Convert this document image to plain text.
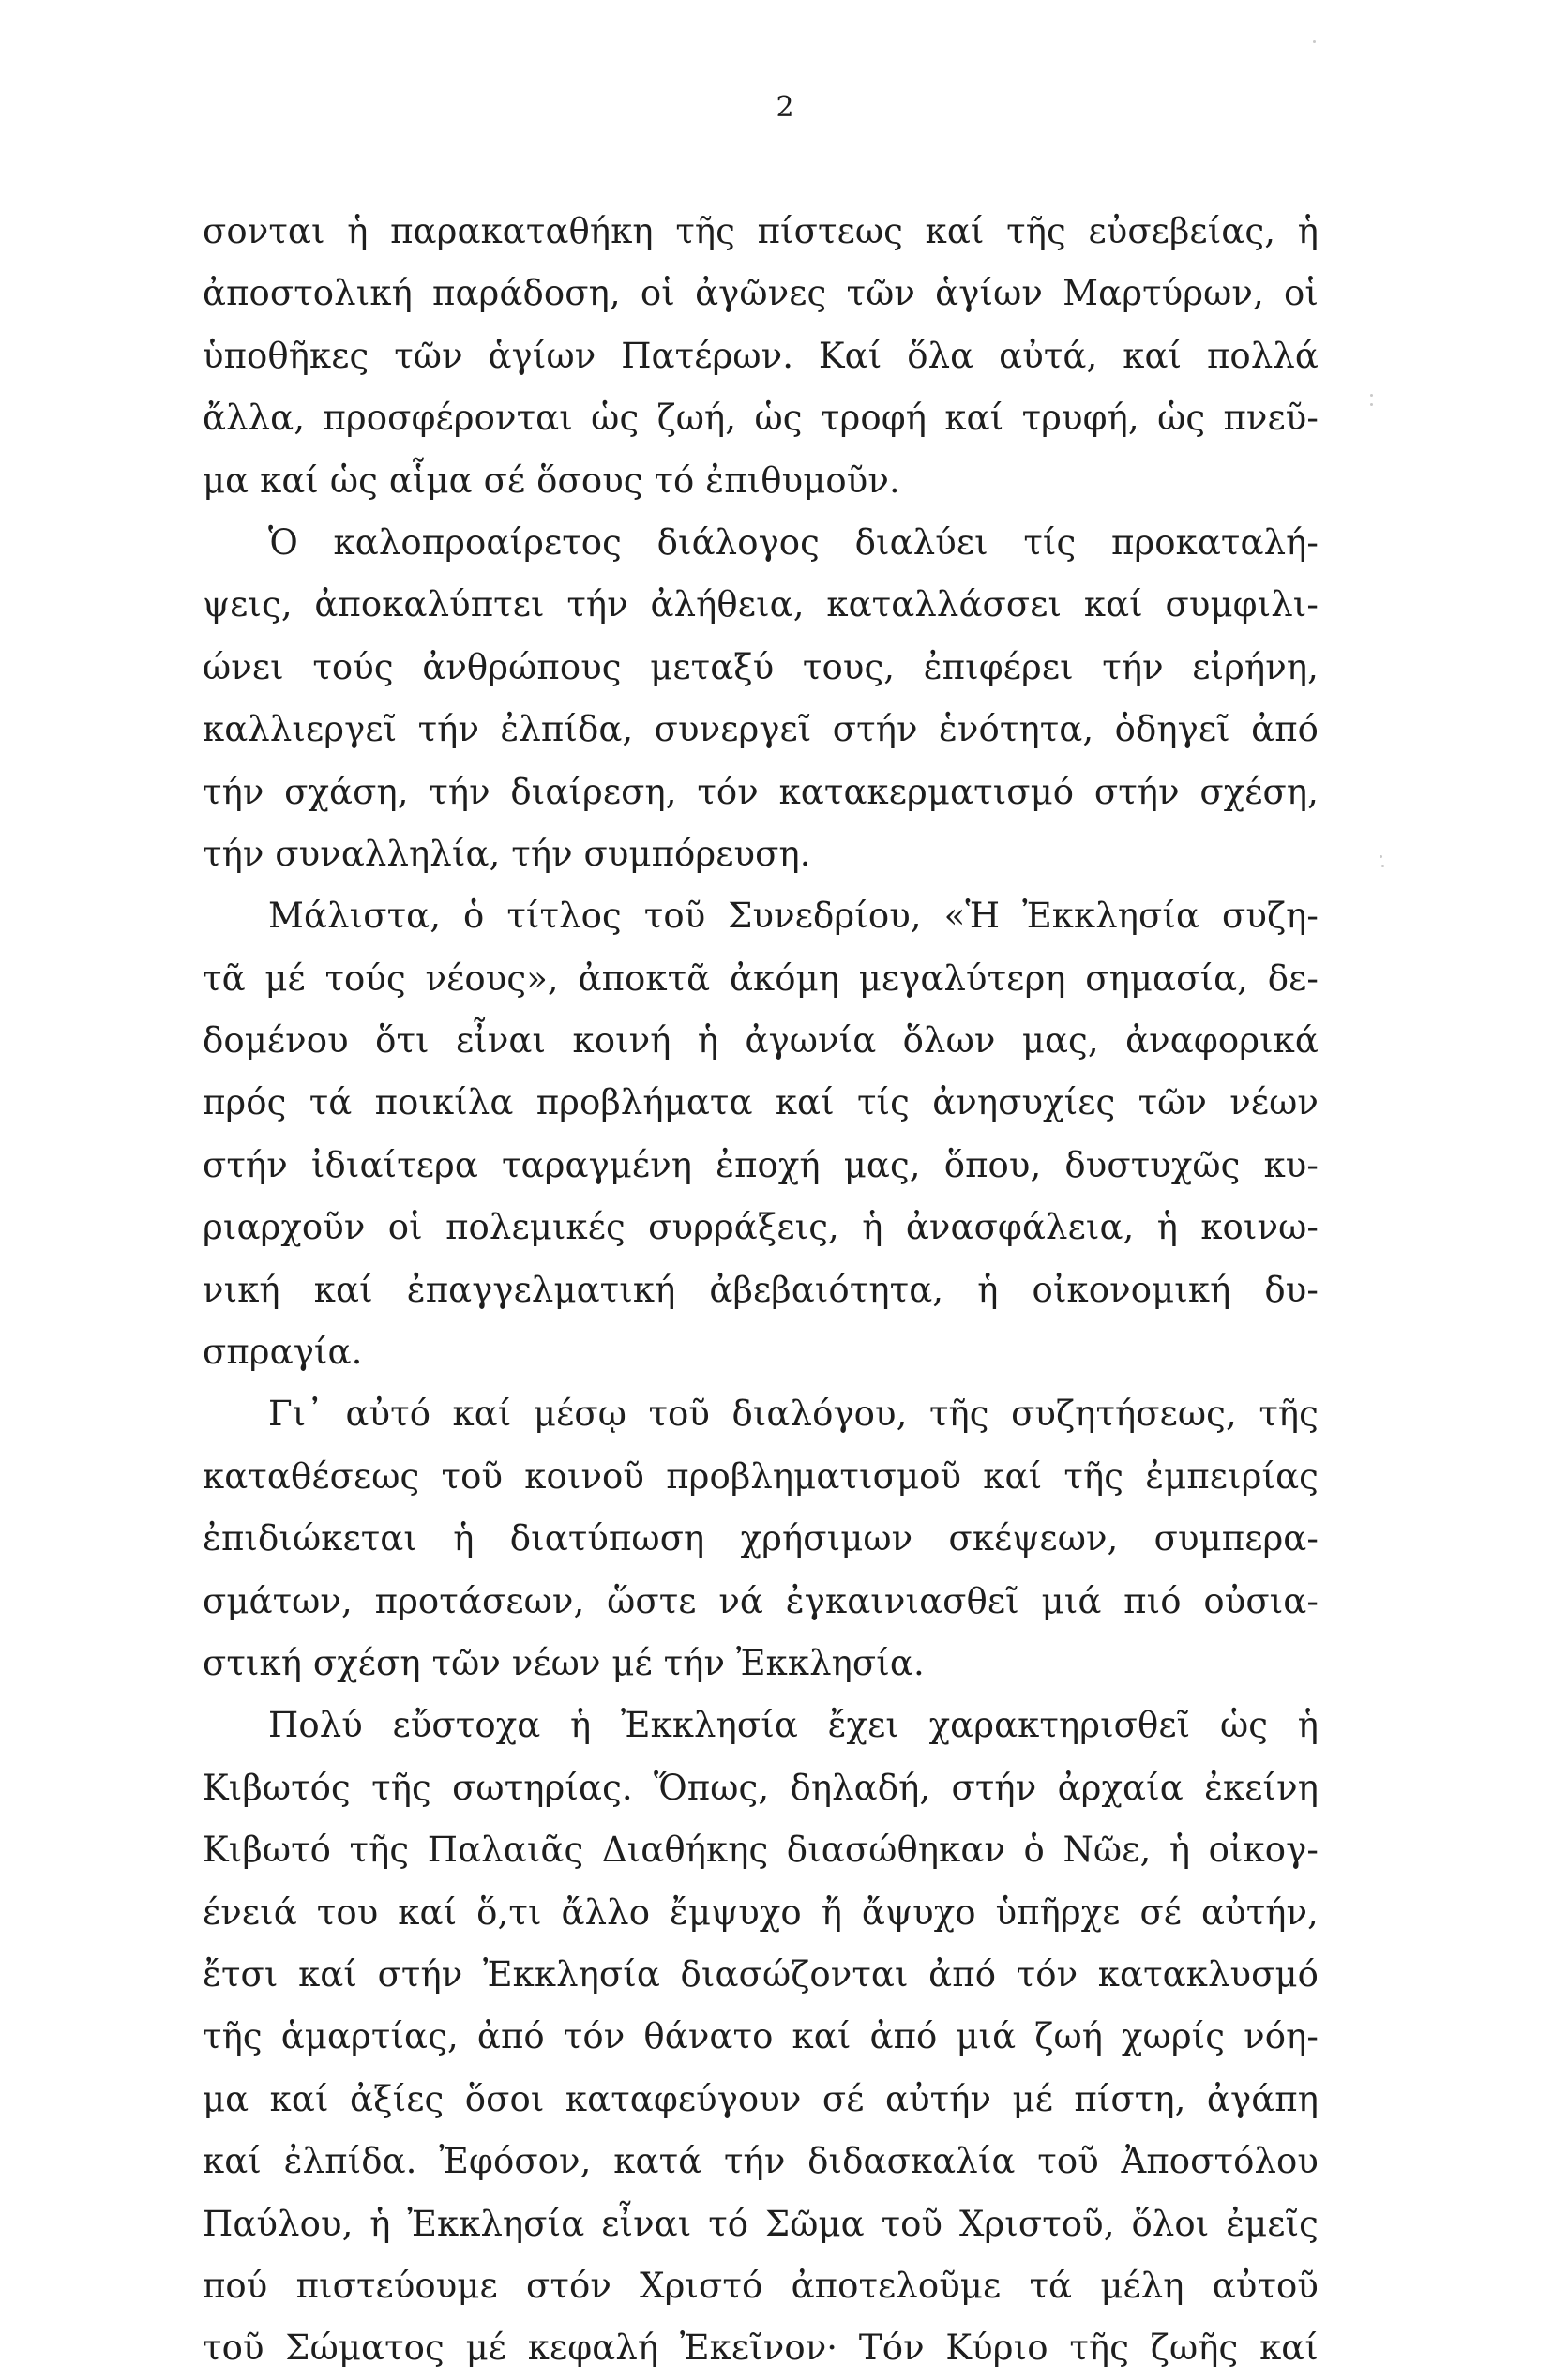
2
σονται ἡ παρακαταθήκη τῆς πίστεως καί τῆς εὐσεβείας, ἡ
ἀποστολική παράδοση, οἱ ἀγῶνες τῶν ἁγίων Μαρτύρων, οἱ
ὑποθῆκες τῶν ἁγίων Πατέρων. Καί ὅλα αὐτά, καί πολλά
ἄλλα, προσφέρονται ὡς ζωή, ὡς τροφή καί τρυφή, ὡς πνεῦ-
μα καί ὡς αἷμα σέ ὅσους τό ἐπιθυμοῦν.
Ὁ καλοπροαίρετος διάλογος διαλύει τίς προκαταλή-
ψεις, ἀποκαλύπτει τήν ἀλήθεια, καταλλάσσει καί συμφιλι-
ώνει τούς ἀνθρώπους μεταξύ τους, ἐπιφέρει τήν εἰρήνη,
καλλιεργεῖ τήν ἐλπίδα, συνεργεῖ στήν ἑνότητα, ὁδηγεῖ ἀπό
τήν σχάση, τήν διαίρεση, τόν κατακερματισμό στήν σχέση,
τήν συναλληλία, τήν συμπόρευση.
Μάλιστα, ὁ τίτλος τοῦ Συνεδρίου, «Ἡ Ἐκκλησία συζη-
τᾶ μέ τούς νέους», ἀποκτᾶ ἀκόμη μεγαλύτερη σημασία, δε-
δομένου ὅτι εἶναι κοινή ἡ ἀγωνία ὅλων μας, ἀναφορικά
πρός τά ποικίλα προβλήματα καί τίς ἀνησυχίες τῶν νέων
στήν ἰδιαίτερα ταραγμένη ἐποχή μας, ὅπου, δυστυχῶς κυ-
ριαρχοῦν οἱ πολεμικές συρράξεις, ἡ ἀνασφάλεια, ἡ κοινω-
νική καί ἐπαγγελματική ἀβεβαιότητα, ἡ οἰκονομική δυ-
σπραγία.
Γι᾽ αὐτό καί μέσῳ τοῦ διαλόγου, τῆς συζητήσεως, τῆς
καταθέσεως τοῦ κοινοῦ προβληματισμοῦ καί τῆς ἐμπειρίας
ἐπιδιώκεται ἡ διατύπωση χρήσιμων σκέψεων, συμπερα-
σμάτων, προτάσεων, ὥστε νά ἐγκαινιασθεῖ μιά πιό οὐσια-
στική σχέση τῶν νέων μέ τήν Ἐκκλησία.
Πολύ εὔστοχα ἡ Ἐκκλησία ἔχει χαρακτηρισθεῖ ὡς ἡ
Κιβωτός τῆς σωτηρίας. Ὅπως, δηλαδή, στήν ἀρχαία ἐκείνη
Κιβωτό τῆς Παλαιᾶς Διαθήκης διασώθηκαν ὁ Νῶε, ἡ οἰκογ-
ένειά του καί ὅ,τι ἄλλο ἔμψυχο ἤ ἄψυχο ὑπῆρχε σέ αὐτήν,
ἔτσι καί στήν Ἐκκλησία διασώζονται ἀπό τόν κατακλυσμό
τῆς ἁμαρτίας, ἀπό τόν θάνατο καί ἀπό μιά ζωή χωρίς νόη-
μα καί ἀξίες ὅσοι καταφεύγουν σέ αὐτήν μέ πίστη, ἀγάπη
καί ἐλπίδα. Ἐφόσον, κατά τήν διδασκαλία τοῦ Ἀποστόλου
Παύλου, ἡ Ἐκκλησία εἶναι τό Σῶμα τοῦ Χριστοῦ, ὅλοι ἐμεῖς
πού πιστεύουμε στόν Χριστό ἀποτελοῦμε τά μέλη αὐτοῦ
τοῦ Σώματος μέ κεφαλή Ἐκεῖνον· Τόν Κύριο τῆς ζωῆς καί
